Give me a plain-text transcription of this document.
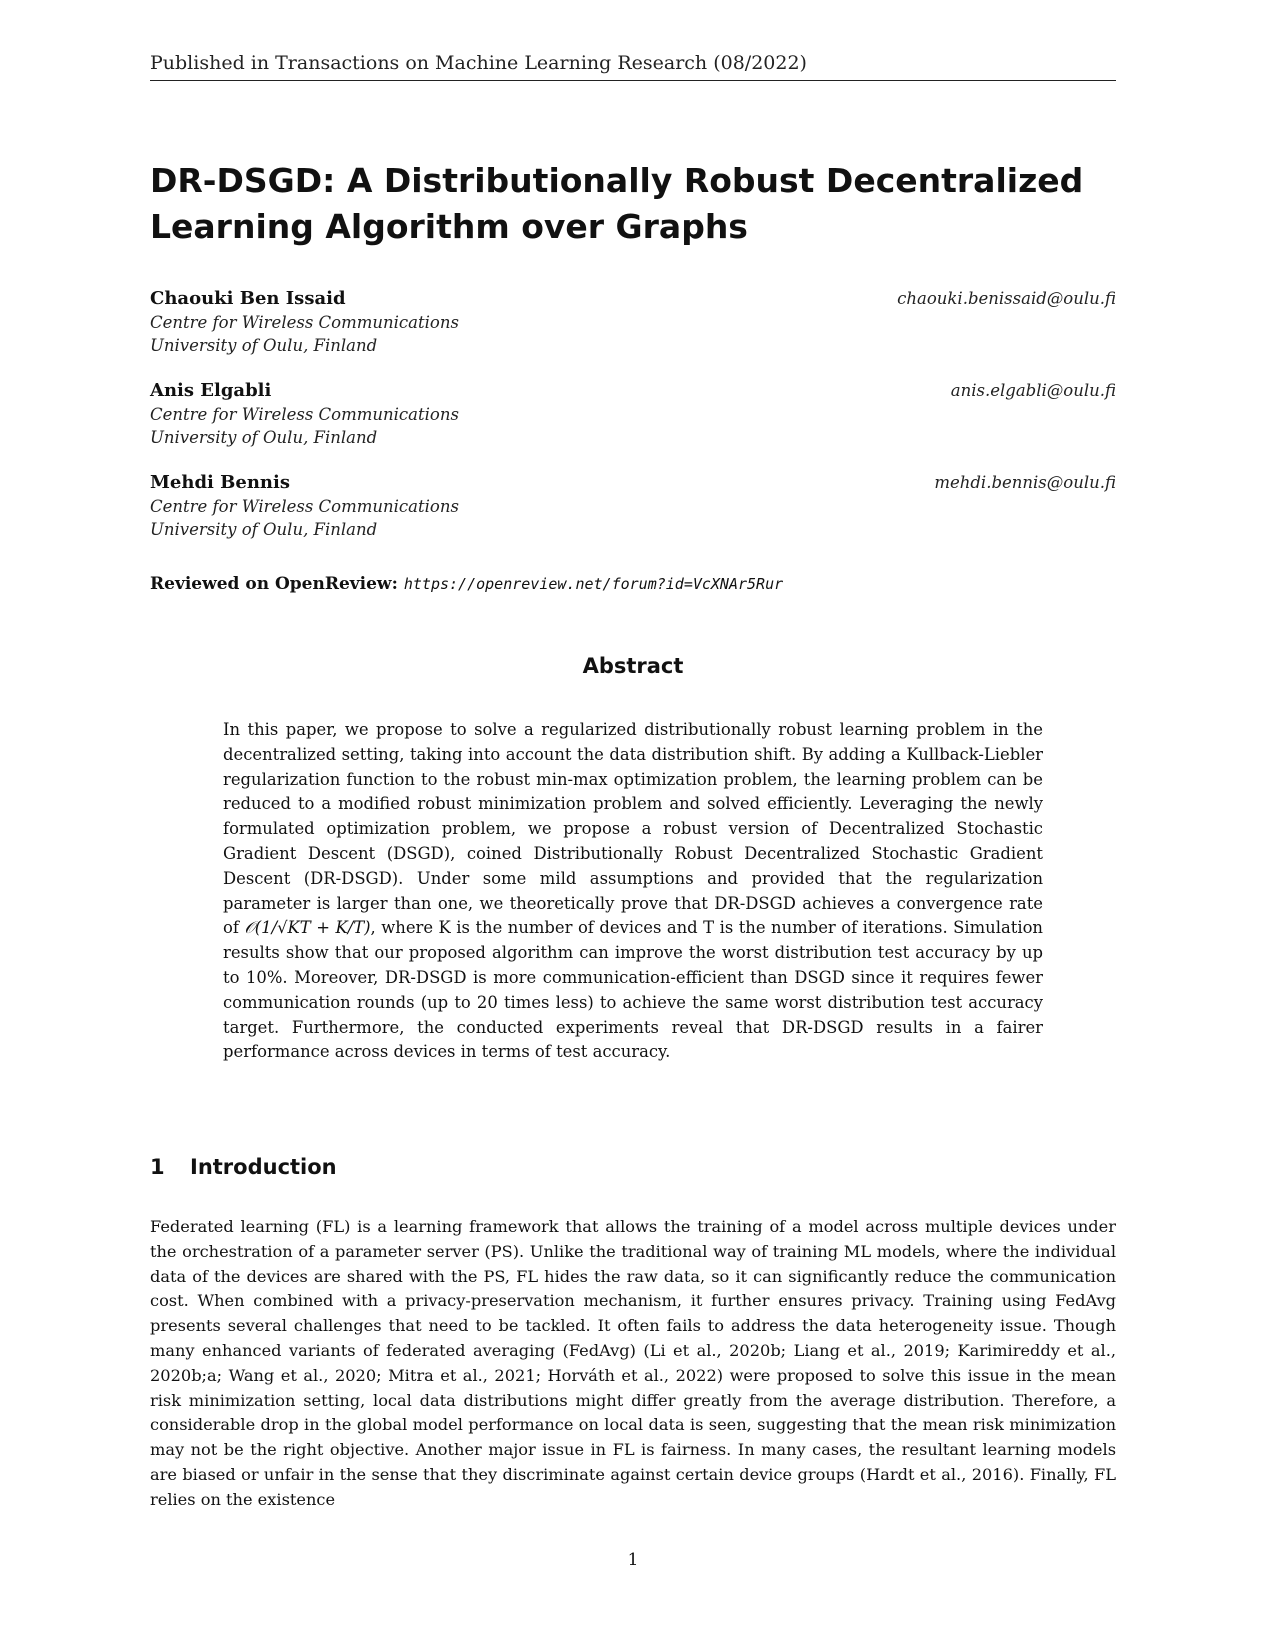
Published in Transactions on Machine Learning Research (08/2022)
DR-DSGD: A Distributionally Robust Decentralized
Learning Algorithm over Graphs
Chaouki Ben Issaid
Centre for Wireless Communications
University of Oulu, Finland
chaouki.benissaid@oulu.fi
Anis Elgabli
Centre for Wireless Communications
University of Oulu, Finland
anis.elgabli@oulu.fi
Mehdi Bennis
Centre for Wireless Communications
University of Oulu, Finland
mehdi.bennis@oulu.fi
Reviewed on OpenReview: https://openreview.net/forum?id=VcXNAr5Rur
Abstract

In this paper, we propose to solve a regularized distributionally robust learning problem in the decentralized setting, taking into account the data distribution shift. By adding a Kullback-Liebler regularization function to the robust min-max optimization problem, the learning problem can be reduced to a modified robust minimization problem and solved efficiently. Leveraging the newly formulated optimization problem, we propose a robust version of Decentralized Stochastic Gradient Descent (DSGD), coined Distributionally Robust Decentralized Stochastic Gradient Descent (DR-DSGD). Under some mild assumptions and provided that the regularization parameter is larger than one, we theoretically prove that DR-DSGD achieves a convergence rate of 𝒪(1/√KT + K/T), where K is the number of devices and T is the number of iterations. Simulation results show that our proposed algorithm can improve the worst distribution test accuracy by up to 10%. Moreover, DR-DSGD is more communication-efficient than DSGD since it requires fewer communication rounds (up to 20 times less) to achieve the same worst distribution test accuracy target. Furthermore, the conducted experiments reveal that DR-DSGD results in a fairer performance across devices in terms of test accuracy.

1 Introduction

Federated learning (FL) is a learning framework that allows the training of a model across multiple devices under the orchestration of a parameter server (PS). Unlike the traditional way of training ML models, where the individual data of the devices are shared with the PS, FL hides the raw data, so it can significantly reduce the communication cost. When combined with a privacy-preservation mechanism, it further ensures privacy. Training using FedAvg presents several challenges that need to be tackled. It often fails to address the data heterogeneity issue. Though many enhanced variants of federated averaging (FedAvg) (Li et al., 2020b; Liang et al., 2019; Karimireddy et al., 2020b;a; Wang et al., 2020; Mitra et al., 2021; Horváth et al., 2022) were proposed to solve this issue in the mean risk minimization setting, local data distributions might differ greatly from the average distribution. Therefore, a considerable drop in the global model performance on local data is seen, suggesting that the mean risk minimization may not be the right objective. Another major issue in FL is fairness. In many cases, the resultant learning models are biased or unfair in the sense that they discriminate against certain device groups (Hardt et al., 2016). Finally, FL relies on the existence

1
